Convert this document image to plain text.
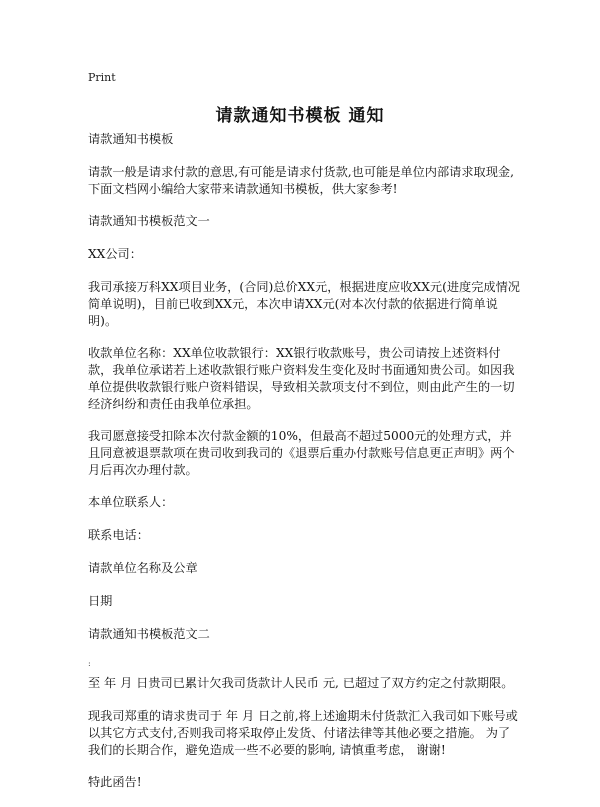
Print
请款通知书模板 通知
请款通知书模板
请款一般是请求付款的意思,有可能是请求付货款,也可能是单位内部请求取现金,下面文档网小编给大家带来请款通知书模板，供大家参考!
请款通知书模板范文一
XX公司：
我司承接万科XX项目业务，(合同)总价XX元，根据进度应收XX元(进度完成情况简单说明)，目前已收到XX元，本次申请XX元(对本次付款的依据进行简单说明)。
收款单位名称：XX单位收款银行：XX银行收款账号，贵公司请按上述资料付款，我单位承诺若上述收款银行账户资料发生变化及时书面通知贵公司。如因我单位提供收款银行账户资料错误，导致相关款项支付不到位，则由此产生的一切经济纠纷和责任由我单位承担。
我司愿意接受扣除本次付款金额的10%，但最高不超过5000元的处理方式，并且同意被退票款项在贵司收到我司的《退票后重办付款账号信息更正声明》两个月后再次办理付款。
本单位联系人：
联系电话：
请款单位名称及公章
日期
请款通知书模板范文二
:
至 年 月 日贵司已累计欠我司货款计人民币 元, 已超过了双方约定之付款期限。
现我司郑重的请求贵司于 年 月 日之前,将上述逾期未付货款汇入我司如下账号或以其它方式支付,否则我司将采取停止发货、付诸法律等其他必要之措施。 为了我们的长期合作，避免造成一些不必要的影响, 请慎重考虑， 谢谢!
特此函告!
